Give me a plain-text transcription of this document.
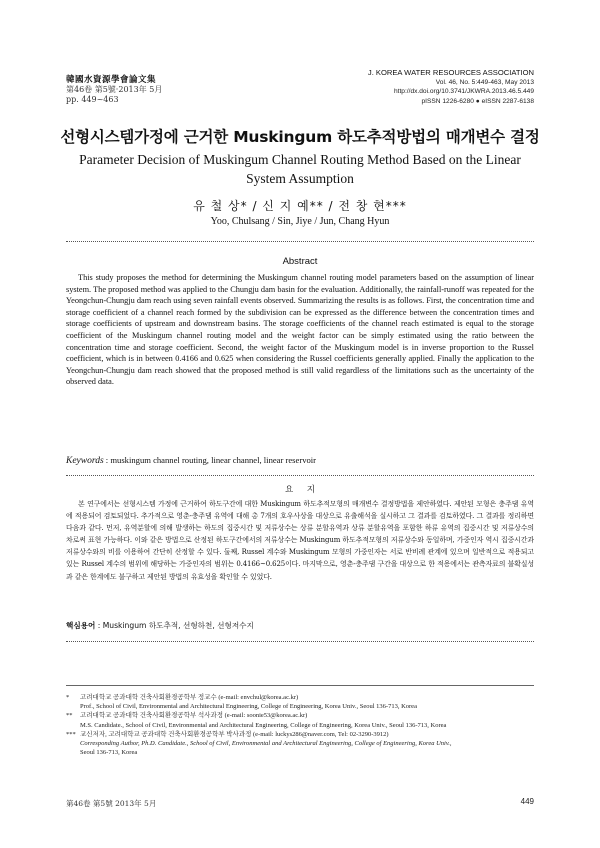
韓國水資源學會論文集
第46卷 第5號·2013年 5月
pp. 449~463
J. KOREA WATER RESOURCES ASSOCIATION
Vol. 46, No. 5:449-463, May 2013
http://dx.doi.org/10.3741/JKWRA.2013.46.5.449
pISSN 1226-6280 ● eISSN 2287-6138
선형시스템가정에 근거한 Muskingum 하도추적방법의 매개변수 결정
Parameter Decision of Muskingum Channel Routing Method Based on the Linear System Assumption
유 철 상* / 신 지 예** / 전 창 현***
Yoo, Chulsang / Sin, Jiye / Jun, Chang Hyun
Abstract

This study proposes the method for determining the Muskingum channel routing model parameters based on the assumption of linear system. The proposed method was applied to the Chungju dam basin for the evaluation. Additionally, the rainfall-runoff was repeated for the Yeongchun-Chungju dam reach using seven rainfall events observed. Summarizing the results is as follows. First, the concentration time and storage coefficient of a channel reach formed by the subdivision can be expressed as the difference between the concentration times and storage coefficients of upstream and downstream basins. The storage coefficients of the channel reach estimated is equal to the storage coefficient of the Muskingum channel routing model and the weight factor can be simply estimated using the ratio between the concentration time and storage coefficient. Second, the weight factor of the Muskingum model is in inverse proportion to the Russel coefficient, which is in between 0.4166 and 0.625 when considering the Russel coefficients generally applied. Finally the application to the Yeongchun-Chungju dam reach showed that the proposed method is still valid regardless of the limitations such as the uncertainty of the observed data.

Keywords : muskingum channel routing, linear channel, linear reservoir
요     지

본 연구에서는 선형시스템 가정에 근거하여 하도구간에 대한 Muskingum 하도추적모형의 매개변수 결정방법을 제안하였다. 제안된 모형은 충주댐 유역에 적용되어 검토되었다. 추가적으로 영춘-충주댐 유역에 대해 총 7개의 호우사상을 대상으로 유출해석을 실시하고 그 결과를 검토하였다. 그 결과를 정리하면 다음과 같다. 먼저, 유역분할에 의해 발생하는 하도의 집중시간 및 저류상수는 상류 분할유역과 상류 분할유역을 포함한 하류 유역의 집중시간 및 저류상수의 차로써 표현 가능하다. 이와 같은 방법으로 산정된 하도구간에서의 저류상수는 Muskingum 하도추적모형의 저류상수와 동일하며, 가중인자 역시 집중시간과 저류상수와의 비를 이용하여 간단히 산정할 수 있다. 둘째, Russel 계수와 Muskingum 모형의 가중인자는 서로 반비례 관계에 있으며 일반적으로 적용되고 있는 Russel 계수의 범위에 해당하는 가중인자의 범위는 0.4166~0.625이다. 마지막으로, 영춘-충주댐 구간을 대상으로 한 적용에서는 관측자료의 불확실성과 같은 한계에도 불구하고 제안된 방법의 유효성을 확인할 수 있었다.

핵심용어 : Muskingum 하도추적, 선형하천, 선형저수지
* 고려대학교 공과대학 건축사회환경공학부 정교수 (e-mail: envchul@korea.ac.kr)
Prof., School of Civil, Environmental and Architectural Engineering, College of Engineering, Korea Univ., Seoul 136-713, Korea
** 고려대학교 공과대학 건축사회환경공학부 석사과정 (e-mail: soonie53@korea.ac.kr)
M.S. Candidate., School of Civil, Environmental and Architectural Engineering, College of Engineering, Korea Univ., Seoul 136-713, Korea
*** 교신저자, 고려대학교 공과대학 건축사회환경공학부 박사과정 (e-mail: luckys286@naver.com, Tel: 02-3290-3912)
Corresponding Author, Ph.D. Candidate., School of Civil, Environmental and Architectural Engineering, College of Engineering, Korea Univ.,
Seoul 136-713, Korea
第46卷 第5號 2013年 5月	449
